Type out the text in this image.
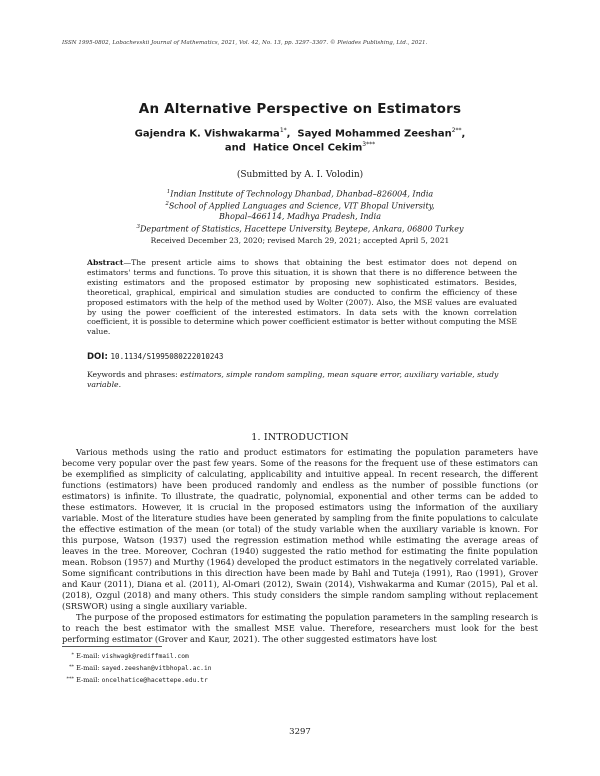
ISSN 1995-0802, Lobachevskii Journal of Mathematics, 2021, Vol. 42, No. 13, pp. 3297–3307. © Pleiades Publishing, Ltd., 2021.
An Alternative Perspective on Estimators
Gajendra K. Vishwakarma$^{1*}$, Sayed Mohammed Zeeshan$^{2**}$,
and Hatice Oncel Cekim$^{3***}$
(Submitted by A. I. Volodin)
$^1$Indian Institute of Technology Dhanbad, Dhanbad–826004, India
$^2$School of Applied Languages and Science, VIT Bhopal University,
Bhopal–466114, Madhya Pradesh, India
$^3$Department of Statistics, Hacettepe University, Beytepe, Ankara, 06800 Turkey
Received December 23, 2020; revised March 29, 2021; accepted April 5, 2021
Abstract—The present article aims to shows that obtaining the best estimator does not depend on estimators' terms and functions. To prove this situation, it is shown that there is no difference between the existing estimators and the proposed estimator by proposing new sophisticated estimators. Besides, theoretical, graphical, empirical and simulation studies are conducted to confirm the efficiency of these proposed estimators with the help of the method used by Wolter (2007). Also, the MSE values are evaluated by using the power coefficient of the interested estimators. In data sets with the known correlation coefficient, it is possible to determine which power coefficient estimator is better without computing the MSE value.
DOI: 10.1134/S1995080222010243
Keywords and phrases: estimators, simple random sampling, mean square error, auxiliary variable, study variable.
1. INTRODUCTION

Various methods using the ratio and product estimators for estimating the population parameters have become very popular over the past few years. Some of the reasons for the frequent use of these estimators can be exemplified as simplicity of calculating, applicability and intuitive appeal. In recent research, the different functions (estimators) have been produced randomly and endless as the number of possible functions (or estimators) is infinite. To illustrate, the quadratic, polynomial, exponential and other terms can be added to these estimators. However, it is crucial in the proposed estimators using the information of the auxiliary variable. Most of the literature studies have been generated by sampling from the finite populations to calculate the effective estimation of the mean (or total) of the study variable when the auxiliary variable is known. For this purpose, Watson (1937) used the regression estimation method while estimating the average areas of leaves in the tree. Moreover, Cochran (1940) suggested the ratio method for estimating the finite population mean. Robson (1957) and Murthy (1964) developed the product estimators in the negatively correlated variable. Some significant contributions in this direction have been made by Bahl and Tuteja (1991), Rao (1991), Grover and Kaur (2011), Diana et al. (2011), Al-Omari (2012), Swain (2014), Vishwakarma and Kumar (2015), Pal et al. (2018), Ozgul (2018) and many others. This study considers the simple random sampling without replacement (SRSWOR) using a single auxiliary variable.

The purpose of the proposed estimators for estimating the population parameters in the sampling research is to reach the best estimator with the smallest MSE value. Therefore, researchers must look for the best performing estimator (Grover and Kaur, 2021). The other suggested estimators have lost

* E-mail: vishwagk@rediffmail.com
** E-mail: sayed.zeeshan@vitbhopal.ac.in
*** E-mail: oncelhatice@hacettepe.edu.tr
3297
